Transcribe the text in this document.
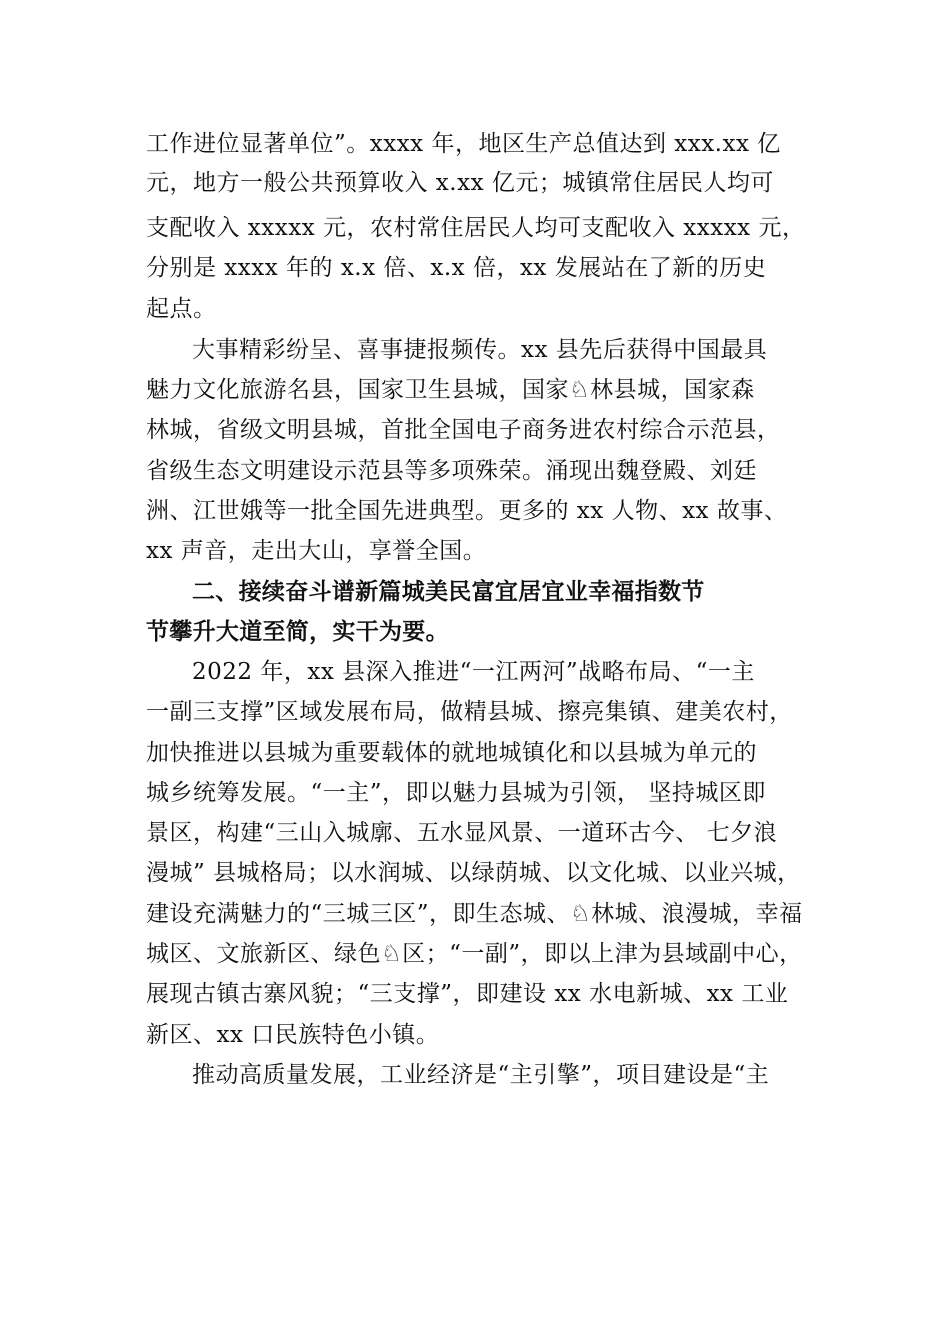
工作进位显著单位”。xxxx 年，地区生产总值达到 xxx.xx 亿
元，地方一般公共预算收入 x.xx 亿元；城镇常住居民人均可
支配收入 xxxxx 元，农村常住居民人均可支配收入 xxxxx 元，
分别是 xxxx 年的 x.x 倍、x.x 倍，xx 发展站在了新的历史
起点。
大事精彩纷呈、喜事捷报频传。xx 县先后获得中国最具
魅力文化旅游名县，国家卫生县城，国家♘林县城，国家森
林城，省级文明县城，首批全国电子商务进农村综合示范县，
省级生态文明建设示范县等多项殊荣。涌现出魏登殿、刘廷
洲、江世娥等一批全国先进典型。更多的 xx 人物、xx 故事、
xx 声音，走出大山，享誉全国。
二、接续奋斗谱新篇城美民富宜居宜业幸福指数节
节攀升大道至简，实干为要。
2022 年，xx 县深入推进“一江两河”战略布局、“一主
一副三支撑”区域发展布局，做精县城、擦亮集镇、建美农村，
加快推进以县城为重要载体的就地城镇化和以县城为单元的
城乡统筹发展。“一主”，即以魅力县城为引领， 坚持城区即
景区，构建“三山入城廓、五水显风景、一道环古今、 七夕浪
漫城” 县城格局；以水润城、以绿荫城、以文化城、以业兴城，
建设充满魅力的“三城三区”，即生态城、♘林城、浪漫城，幸福
城区、文旅新区、绿色♘区；“一副”，即以上津为县域副中心，
展现古镇古寨风貌；“三支撑”，即建设 xx 水电新城、xx 工业
新区、xx 口民族特色小镇。
推动高质量发展，工业经济是“主引擎”，项目建设是“主
